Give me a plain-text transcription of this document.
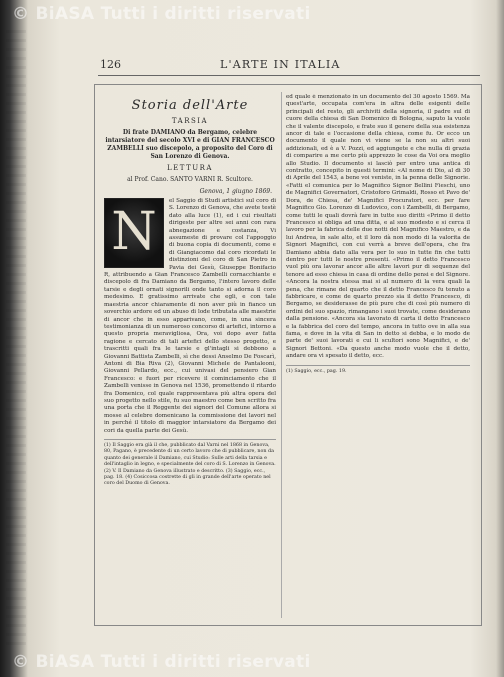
© BiASA Tutti i diritti riservati
126	L'ARTE IN ITALIA
Storia dell'Arte
TARSIA
Di frate DAMIANO da Bergamo, celebre intarsiatore del secolo XVI e di GIAN FRANCESCO ZAMBELLI suo discepolo, a proposito del Coro di San Lorenzo di Genova.
LETTURA
al Prof. Cano. SANTO VARNI R. Scultore.
Genova, 1 giugno 1869.
N
el Saggio di Studi artistici sul coro di S. Lorenzo di Genova, che avete testè dato alla luce (1), ed i cui risultati dirigeste per altre sei anni con rara abnegazione e costanza, Vi assumeste di provare col l'appoggio di buona copia di documenti, come e di Giangiacomo dal coro ricordati le distinzioni del coro di San Pietro in Pavia dei Gesù, Giuseppe Bonifacio R, attribuendo a Gian Francesco Zambelli cornacchiante e discepolo di fra Damiano da Bergamo, l'intero lavoro delle tarsie e degli ornati signorili onde tanto si adorna il coro medesimo. E gratissimo arrivate che egli, e con tale maestria ancor chiaramente di non aver più in fianco un soverchio ardore ed un abuso di lode tributata alle maestrie di ancor che in esso apparivano, come, in una sincera testimonianza di un numeroso concorso di artefici, intorno a questo propria meravigliosa, Ora, voi dopo aver fatta ragione e cercato di tali artefici dello stesso progetto, e trascritti quali fra le tarsie e gl'intagli si debbono a Giovanni Battista Zambelli, sì che dessi Anselmo De Foscarì, Antoni di Bia Riva (2), Giovanni Michele de Pantaleoni, Giovanni Pellardo, ecc., cui univasi del pensiero Gian Francesco: e fuori per ricevere il cominciamento che il Zambelli venisse in Genova nel 1536, promettendo il ritardo fra Domenico, col quale rappresentava più altra opera del suo progetto nello stile, fu suo maestro come ben scritto fra una porta che il Reggente dei signori del Comune allora si mosse al celebre domenicano la commissione dei lavori nel in perché il titolo di maggior intarsiatore da Bergamo dei cori da quella parte dei Gesù.
(1) Il Saggio era già il che, pubblicato dal Varni nel 1868 in Genova, 80, Pagano, è precedente di un certo lavoro che di pubblicare, non da quanto dei generale il Damiano, cui Studio: Sulle arti della tarsia e dell'intaglio in legno, e specialmente del coro di S. Lorenzo in Genova. (2) V. Il Damiano da Genova illustrato e descritto. (3) Saggio, ecc., pag. 18. (4) Cosiccosa costrette di gli in grande dell'arte operato nel coro del Duomo di Genova.
ed quale è menzionato in un documento del 30 agosto 1569. Ma quest'arte, occupata com'era in altra delle esigenti delle principali del resto, gli archiviti della signoria, il padre sul di cuore della chiesa di San Domenico di Bologna, saputo la vuole che il valente discepolo, e frate suo il genere della sua esistenza ancor di tale e l'occasione della chiesa, come fu. Or ecco un documento il quale non vi viene se la non su altri suoi addizionali, ed è a V. Pozzi, ed aggiungete e che nulla di grazia di comparire a me certo più apprezzo le cose da Voi ora meglio allo Studio. Il documento si lasciò per entro una antica di contratto, concepito in questi termini: «Al nome di Dio, al di 30 di Aprile del 1543, a bene voi veniste, in la penna delle Signorie. «Fatti el comunica per lo Magnifico Signor Bellini Fieschi, uno de Magnifici Governatori, Cristoforo Grimaldi, Rosso et Pavo de' Dora, de Chiesa, de' Magnifici Procuratori, ecc. per fare Magnifico Gio. Lorenzo di Ludovico, con i Zambelli, di Bergamo, come tutti le quali dovrà fare in tutte suo diritti «Primo il detto Francesco si obliga ad una ditta, e al suo modesto e si cerca il lavoro per la fabrica delle due notti del Magnifico Maestro, e da lui Andrea, in sale alto, et il loro dà non modo di la valorita de Signori Magnifici, con cui verrà a breve dell'opera, che fra Damiano abbia dato alla vera per lo suo in tutte fin che tutti dentro per tutti le nostre presenti. «Primo il detto Francesco vuol più ora lavorar ancor alle altre lavori pur di sequenze del tenore ad esso chiesa in casa di ordine dello pensi e del Signore. «Ancora la nostra stessa mai si al numero di la vera quali la pena, che rimane del quarto che il detto Francesco fu tenuto a fabbricare, e come de quarto prezzo sia il detto Francesco, di Bergamo, se desiderasse de più pure che di così più numero di ordini del suo spazio, rimangano i suoi trovate, come desiderano dalla pensione. «Ancora sia lavorato di carta il detto Francesco e la fabbrica del coro del tempo, ancora in tutto ove in alla sua fama, e dove in la vita di San in detto si debba, e lo modo de parte de' suoi lavorati e cui li scultori sono Magnifici, e de' Signori Bettoni. «Da questo anche modo vuole che il detto, andare ora vi spesato il detto, ecc.
(1) Saggio, ecc., pag. 19.
© BiASA Tutti i diritti riservati
